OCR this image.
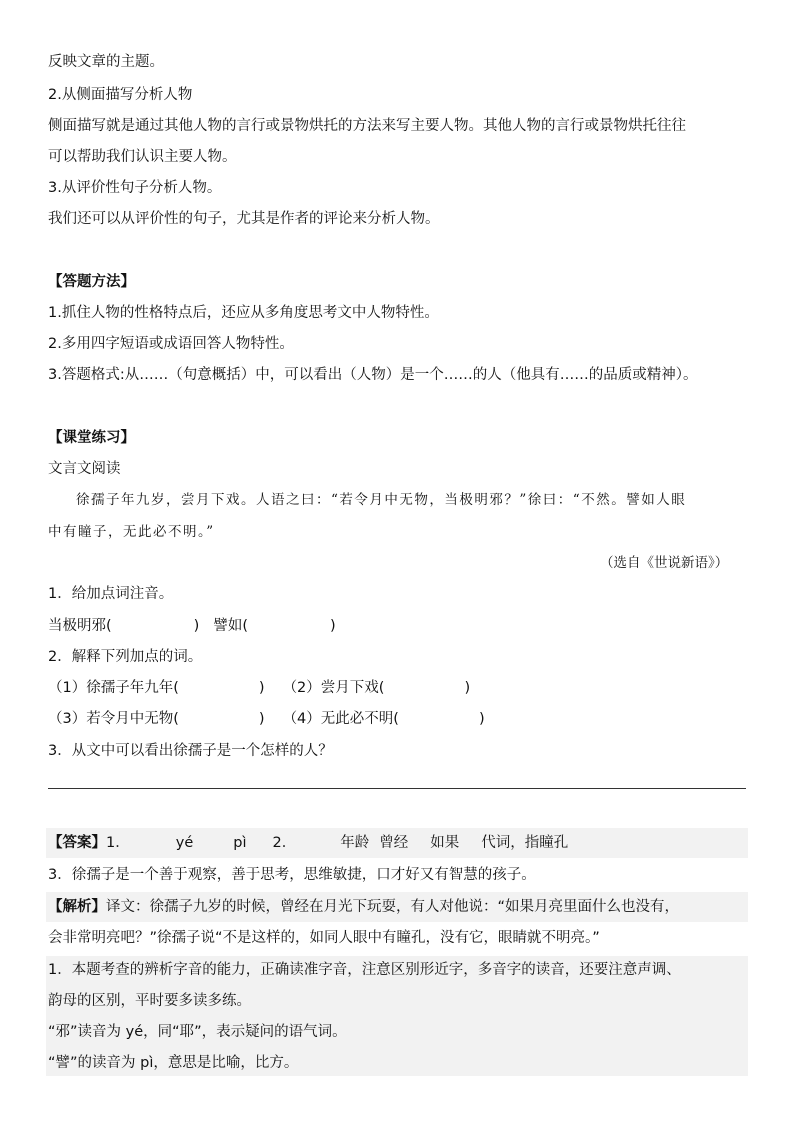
反映文章的主题。
2.从侧面描写分析人物
侧面描写就是通过其他人物的言行或景物烘托的方法来写主要人物。其他人物的言行或景物烘托往往
可以帮助我们认识主要人物。
3.从评价性句子分析人物。
我们还可以从评价性的句子，尤其是作者的评论来分析人物。
【答题方法】
1.抓住人物的性格特点后，还应从多角度思考文中人物特性。
2.多用四字短语或成语回答人物特性。
3.答题格式:从……（句意概括）中，可以看出（人物）是一个……的人（他具有……的品质或精神）。
【课堂练习】
文言文阅读
徐孺子年九岁，尝月下戏。人语之曰：“若令月中无物，当极明邪？”徐曰：“不然。譬如人眼
中有瞳子，无此必不明。”
（选自《世说新语》）
1．给加点词注音。
当极明邪(	) 譬如(	)
2．解释下列加点的词。
（1）徐孺子年九年(	) （2）尝月下戏(	)
（3）若令月中无物(	) （4）无此必不明(	)
3．从文中可以看出徐孺子是一个怎样的人？
【答案】1．	yé	pì 2．	年龄 曾经 如果 代词，指瞳孔
3．徐孺子是一个善于观察，善于思考，思维敏捷，口才好又有智慧的孩子。
【解析】译文：徐孺子九岁的时候，曾经在月光下玩耍，有人对他说：“如果月亮里面什么也没有，
会非常明亮吧？”徐孺子说“不是这样的，如同人眼中有瞳孔，没有它，眼睛就不明亮。”
1．本题考查的辨析字音的能力，正确读准字音，注意区别形近字，多音字的读音，还要注意声调、
韵母的区别，平时要多读多练。
“邪”读音为 yé，同“耶”，表示疑问的语气词。
“譬”的读音为 pì，意思是比喻，比方。
